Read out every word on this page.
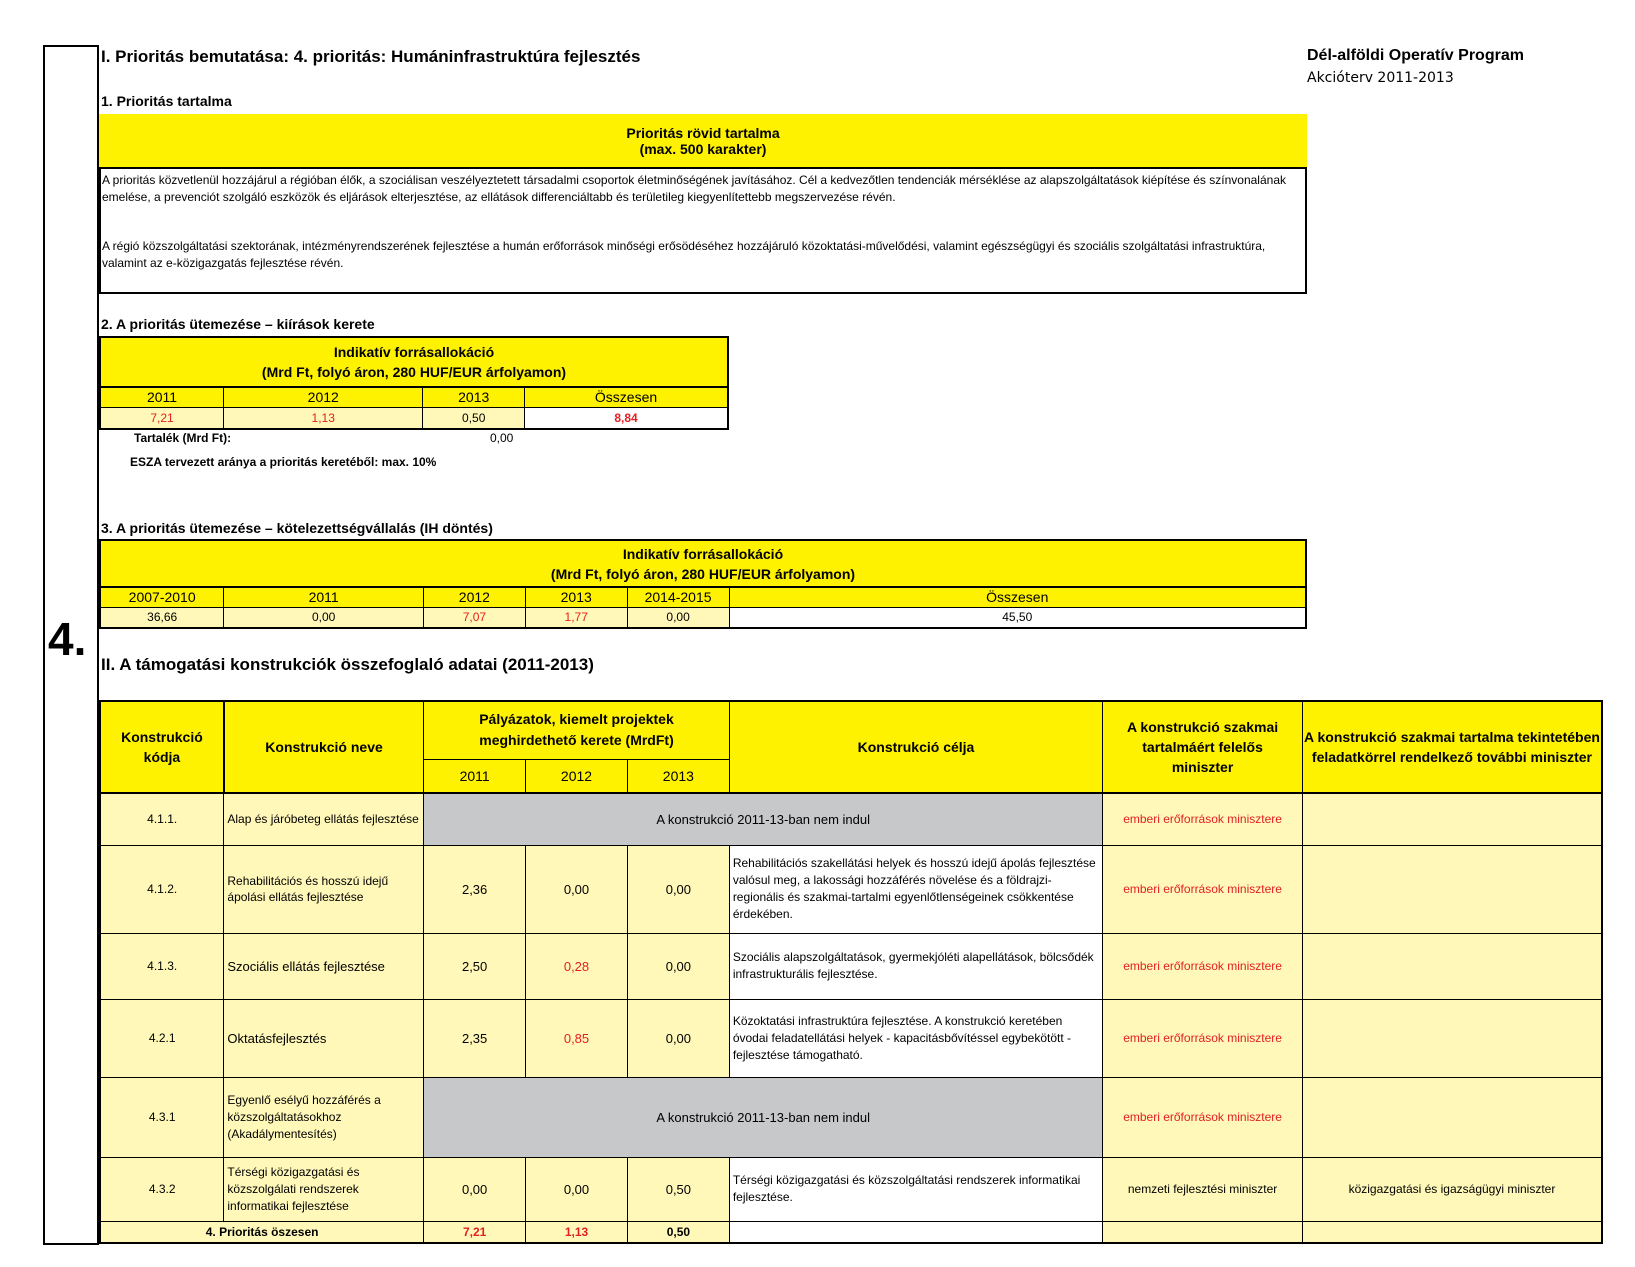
4.
I. Prioritás bemutatása: 4. prioritás: Humáninfrastruktúra fejlesztés	Dél-alföldi Operatív Program
Akcióterv 2011-2013
1. Prioritás tartalma
Prioritás rövid tartalma
(max. 500 karakter)
A prioritás közvetlenül hozzájárul a régióban élők, a szociálisan veszélyeztetett társadalmi csoportok életminőségének javításához. Cél a kedvezőtlen tendenciák mérséklése az alapszolgáltatások kiépítése és színvonalának emelése, a prevenciót szolgáló eszközök és eljárások elterjesztése, az ellátások differenciáltabb és területileg kiegyenlítettebb megszervezése révén.
A régió közszolgáltatási szektorának, intézményrendszerének fejlesztése a humán erőforrások minőségi erősödéséhez hozzájáruló közoktatási-művelődési, valamint egészségügyi és szociális szolgáltatási infrastruktúra, valamint az e-közigazgatás fejlesztése révén.
2. A prioritás ütemezése – kiírások kerete
Indikatív forrásallokáció
(Mrd Ft, folyó áron, 280 HUF/EUR árfolyamon)			

2011	2012	2013	Összesen
7,21	1,13	0,50	8,84
Tartalék (Mrd Ft):	0,00
ESZA tervezett aránya a prioritás keretéből: max. 10%
3. A prioritás ütemezése – kötelezettségvállalás (IH döntés)
Indikatív forrásallokáció
(Mrd Ft, folyó áron, 280 HUF/EUR árfolyamon)					

2007-2010	2011	2012	2013	2014-2015	Összesen
36,66	0,00	7,07	1,77	0,00	45,50
II. A támogatási konstrukciók összefoglaló adatai (2011-2013)
Konstrukció kódja	Konstrukció neve	Pályázatok, kiemelt projektek meghirdethető kerete (MrdFt)			Konstrukció célja	A konstrukció szakmai tartalmáért felelős miniszter	A konstrukció szakmai tartalma tekintetében feladatkörrel rendelkező további miniszter
		2011	2012	2013			
4.1.1.	Alap és járóbeteg ellátás fejlesztése	A konstrukció 2011-13-ban nem indul				emberi erőforrások minisztere	
4.1.2.	Rehabilitációs és hosszú idejű ápolási ellátás fejlesztése	2,36	0,00	0,00	Rehabilitációs szakellátási helyek és hosszú idejű ápolás fejlesztése valósul meg, a lakossági hozzáférés növelése és a földrajzi-regionális és szakmai-tartalmi egyenlőtlenségeinek csökkentése érdekében.	emberi erőforrások minisztere	
4.1.3.	Szociális ellátás fejlesztése	2,50	0,28	0,00	Szociális alapszolgáltatások, gyermekjóléti alapellátások, bölcsődék infrastrukturális fejlesztése.	emberi erőforrások minisztere	
4.2.1	Oktatásfejlesztés	2,35	0,85	0,00	Közoktatási infrastruktúra fejlesztése. A konstrukció keretében óvodai feladatellátási helyek - kapacitásbővítéssel egybekötött - fejlesztése támogatható.	emberi erőforrások minisztere	
4.3.1	Egyenlő esélyű hozzáférés a közszolgáltatásokhoz (Akadálymentesítés)	A konstrukció 2011-13-ban nem indul				emberi erőforrások minisztere	
4.3.2	Térségi közigazgatási és közszolgálati rendszerek informatikai fejlesztése	0,00	0,00	0,50	Térségi közigazgatási és közszolgáltatási rendszerek informatikai fejlesztése.	nemzeti fejlesztési miniszter	közigazgatási és igazságügyi miniszter
4. Prioritás öszesen		7,21	1,13	0,50			
